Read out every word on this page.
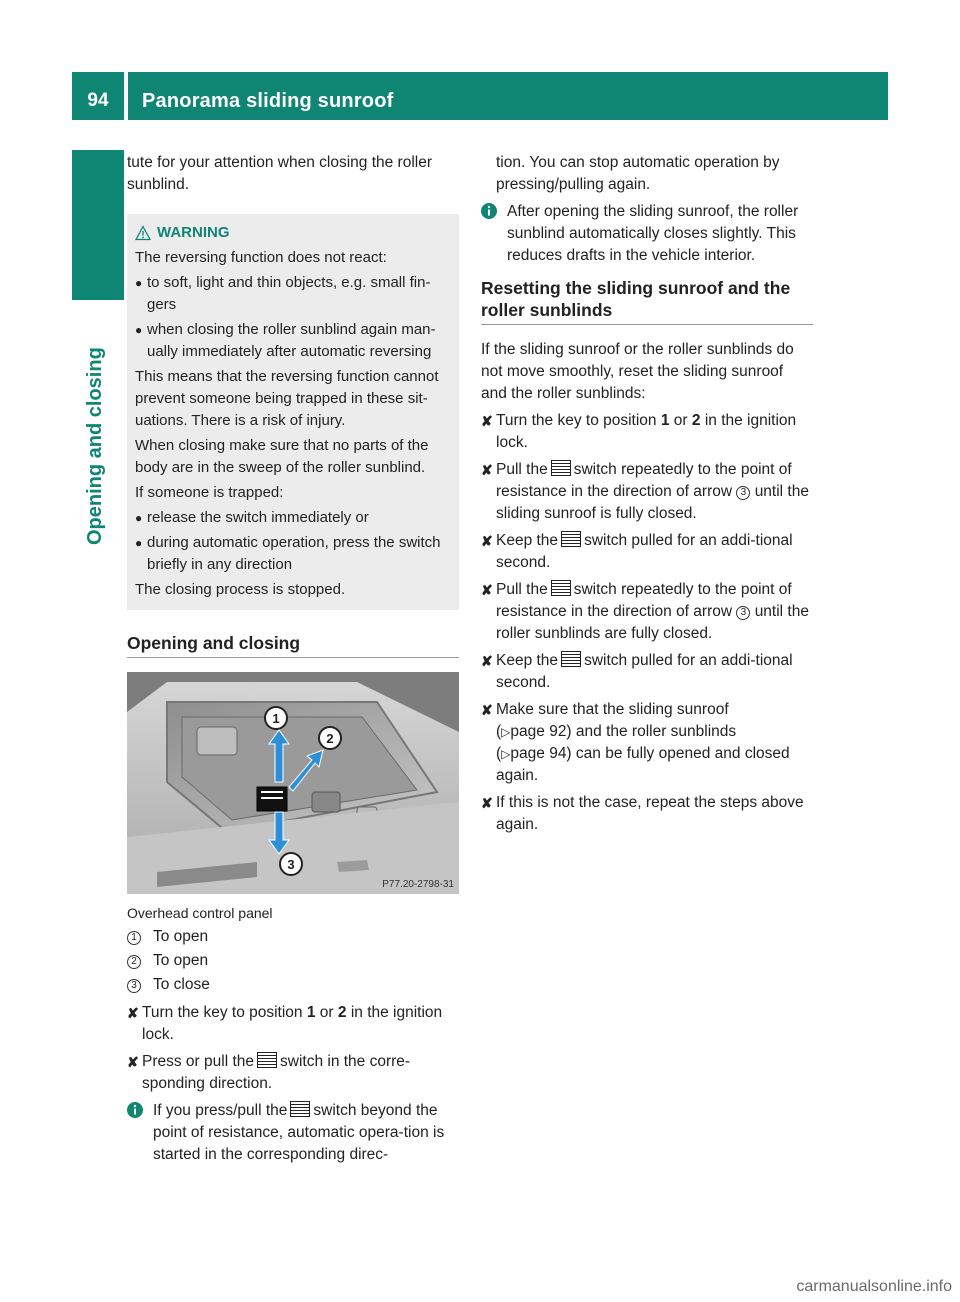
94	Panorama sliding sunroof
Opening and closing

tute for your attention when closing the roller sunblind.

WARNING

The reversing function does not react:

● to soft, light and thin objects, e.g. small fin-gers
● when closing the roller sunblind again man-ually immediately after automatic reversing

This means that the reversing function cannot prevent someone being trapped in these sit-uations. There is a risk of injury.

When closing make sure that no parts of the body are in the sweep of the roller sunblind.

If someone is trapped:

● release the switch immediately or
● during automatic operation, press the switch briefly in any direction

The closing process is stopped.

Opening and closing
1
2
3
P77.20-2798-31
Overhead control panel
1	To open
2	To open
3	To close
✘ Turn the key to position 1 or 2 in the ignition lock.
✘ Press or pull the switch in the corre-sponding direction.
If you press/pull the switch beyond the point of resistance, automatic opera-tion is started in the corresponding direc-

tion. You can stop automatic operation by pressing/pulling again.

After opening the sliding sunroof, the roller sunblind automatically closes slightly. This reduces drafts in the vehicle interior.
Resetting the sliding sunroof and the roller sunblinds

If the sliding sunroof or the roller sunblinds do not move smoothly, reset the sliding sunroof and the roller sunblinds:

✘ Turn the key to position 1 or 2 in the ignition lock.
✘ Pull the switch repeatedly to the point of resistance in the direction of arrow 3 until the sliding sunroof is fully closed.
✘ Keep the switch pulled for an addi-tional second.
✘ Pull the switch repeatedly to the point of resistance in the direction of arrow 3 until the roller sunblinds are fully closed.
✘ Keep the switch pulled for an addi-tional second.
✘ Make sure that the sliding sunroof
(▷page 92) and the roller sunblinds
(▷page 94) can be fully opened and closed again.
✘ If this is not the case, repeat the steps above again.
carmanualsonline.info
